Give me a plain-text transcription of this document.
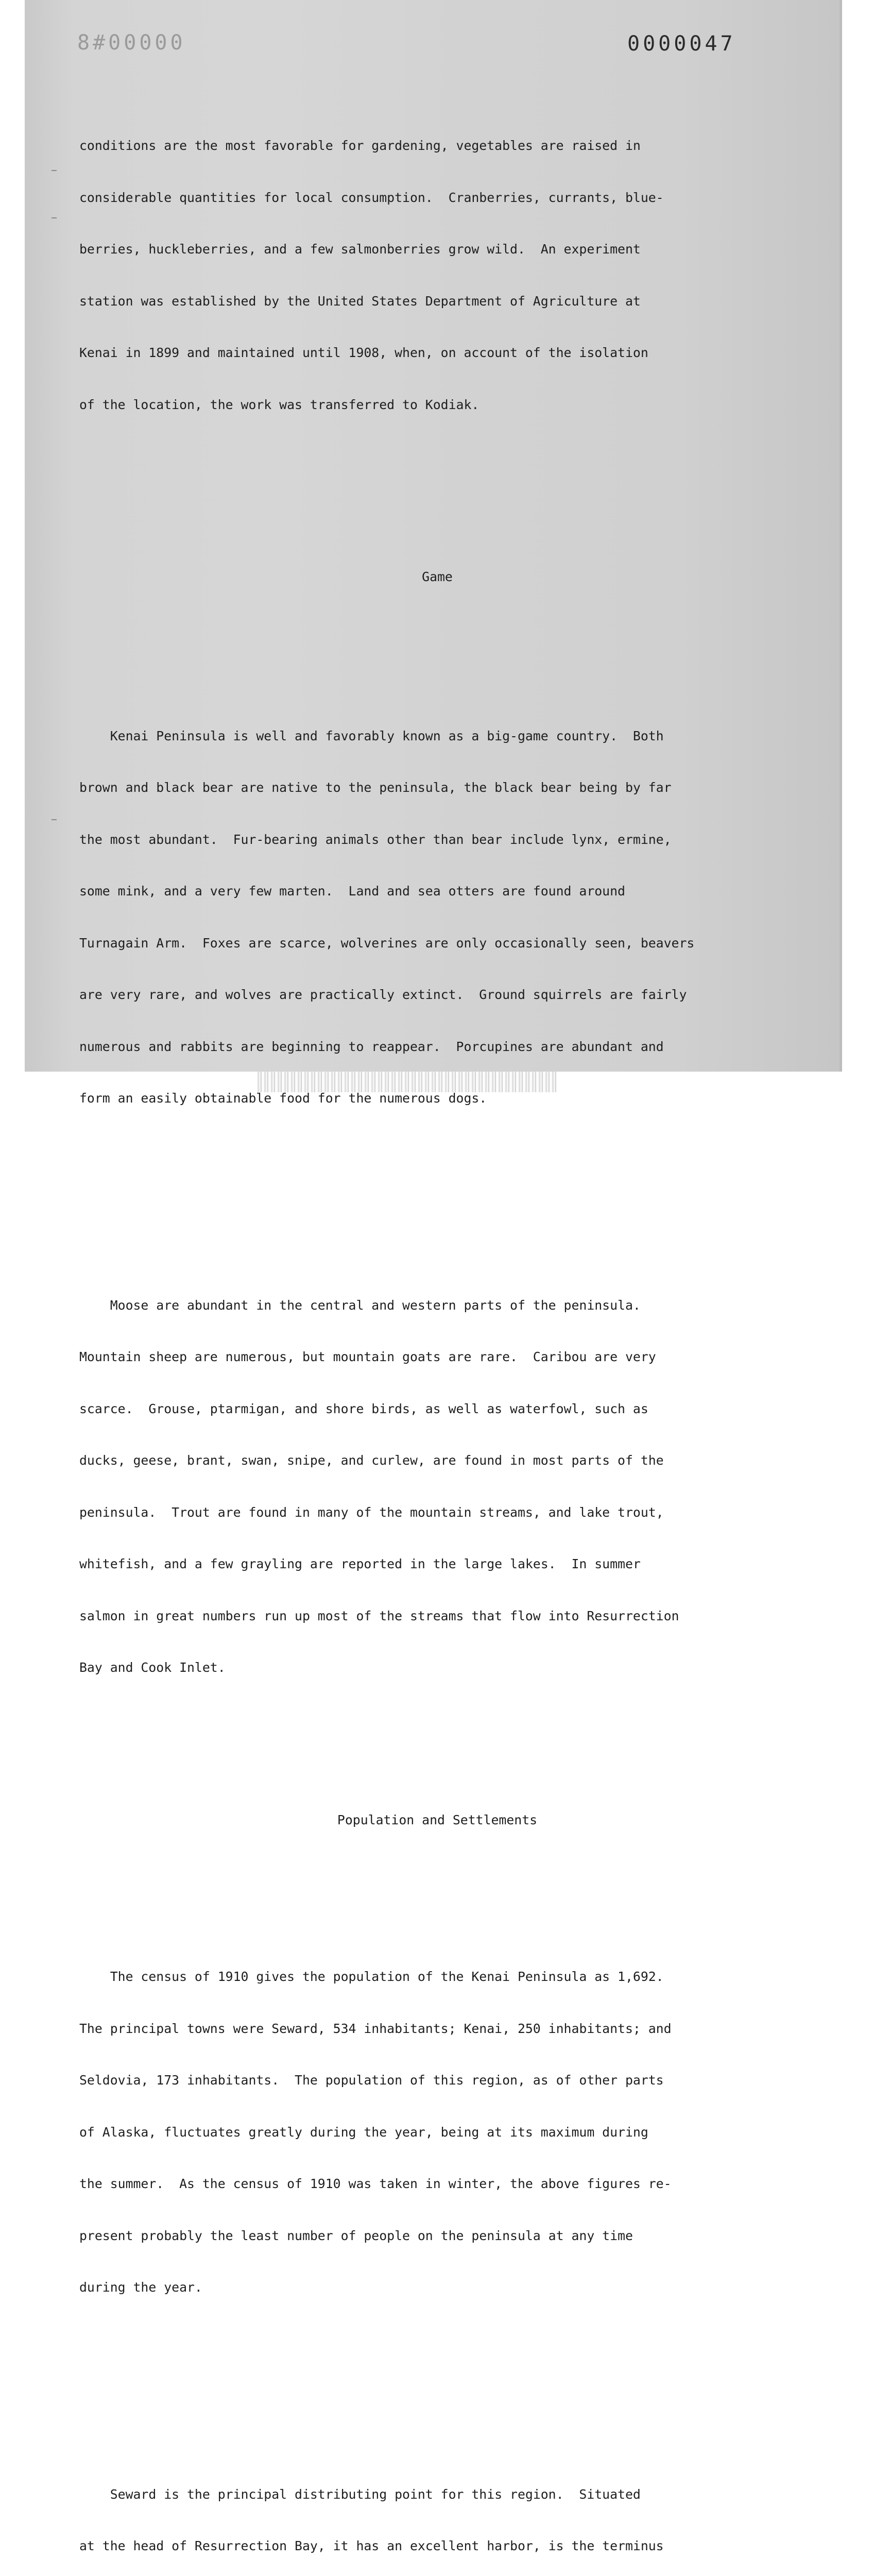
8#00000	0000047

conditions are the most favorable for gardening, vegetables are raised in

considerable quantities for local consumption.  Cranberries, currants, blue-

berries, huckleberries, and a few salmonberries grow wild.  An experiment

station was established by the United States Department of Agriculture at

Kenai in 1899 and maintained until 1908, when, on account of the isolation

of the location, the work was transferred to Kodiak.

Game

Kenai Peninsula is well and favorably known as a big-game country.  Both

brown and black bear are native to the peninsula, the black bear being by far

the most abundant.  Fur-bearing animals other than bear include lynx, ermine,

some mink, and a very few marten.  Land and sea otters are found around

Turnagain Arm.  Foxes are scarce, wolverines are only occasionally seen, beavers

are very rare, and wolves are practically extinct.  Ground squirrels are fairly

numerous and rabbits are beginning to reappear.  Porcupines are abundant and

form an easily obtainable food for the numerous dogs.

Moose are abundant in the central and western parts of the peninsula.

Mountain sheep are numerous, but mountain goats are rare.  Caribou are very

scarce.  Grouse, ptarmigan, and shore birds, as well as waterfowl, such as

ducks, geese, brant, swan, snipe, and curlew, are found in most parts of the

peninsula.  Trout are found in many of the mountain streams, and lake trout,

whitefish, and a few grayling are reported in the large lakes.  In summer

salmon in great numbers run up most of the streams that flow into Resurrection

Bay and Cook Inlet.

Population and Settlements

The census of 1910 gives the population of the Kenai Peninsula as 1,692.

The principal towns were Seward, 534 inhabitants; Kenai, 250 inhabitants; and

Seldovia, 173 inhabitants.  The population of this region, as of other parts

of Alaska, fluctuates greatly during the year, being at its maximum during

the summer.  As the census of 1910 was taken in winter, the above figures re-

present probably the least number of people on the peninsula at any time

during the year.

Seward is the principal distributing point for this region.  Situated

at the head of Resurrection Bay, it has an excellent harbor, is the terminus
